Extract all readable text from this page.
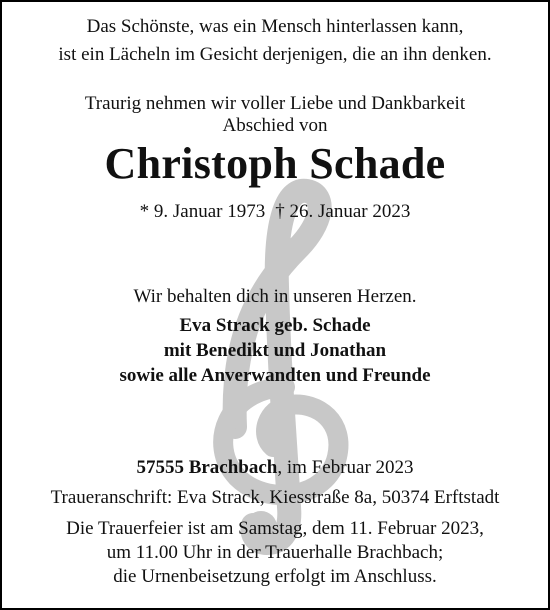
Das Schönste, was ein Mensch hinterlassen kann,
ist ein Lächeln im Gesicht derjenigen, die an ihn denken.
Traurig nehmen wir voller Liebe und Dankbarkeit
Abschied von
Christoph Schade
* 9. Januar 1973 † 26. Januar 2023
Wir behalten dich in unseren Herzen.
Eva Strack geb. Schade
mit Benedikt und Jonathan
sowie alle Anverwandten und Freunde
57555 Brachbach, im Februar 2023
Traueranschrift: Eva Strack, Kiesstraße 8a, 50374 Erftstadt
Die Trauerfeier ist am Samstag, dem 11. Februar 2023,
um 11.00 Uhr in der Trauerhalle Brachbach;
die Urnenbeisetzung erfolgt im Anschluss.
